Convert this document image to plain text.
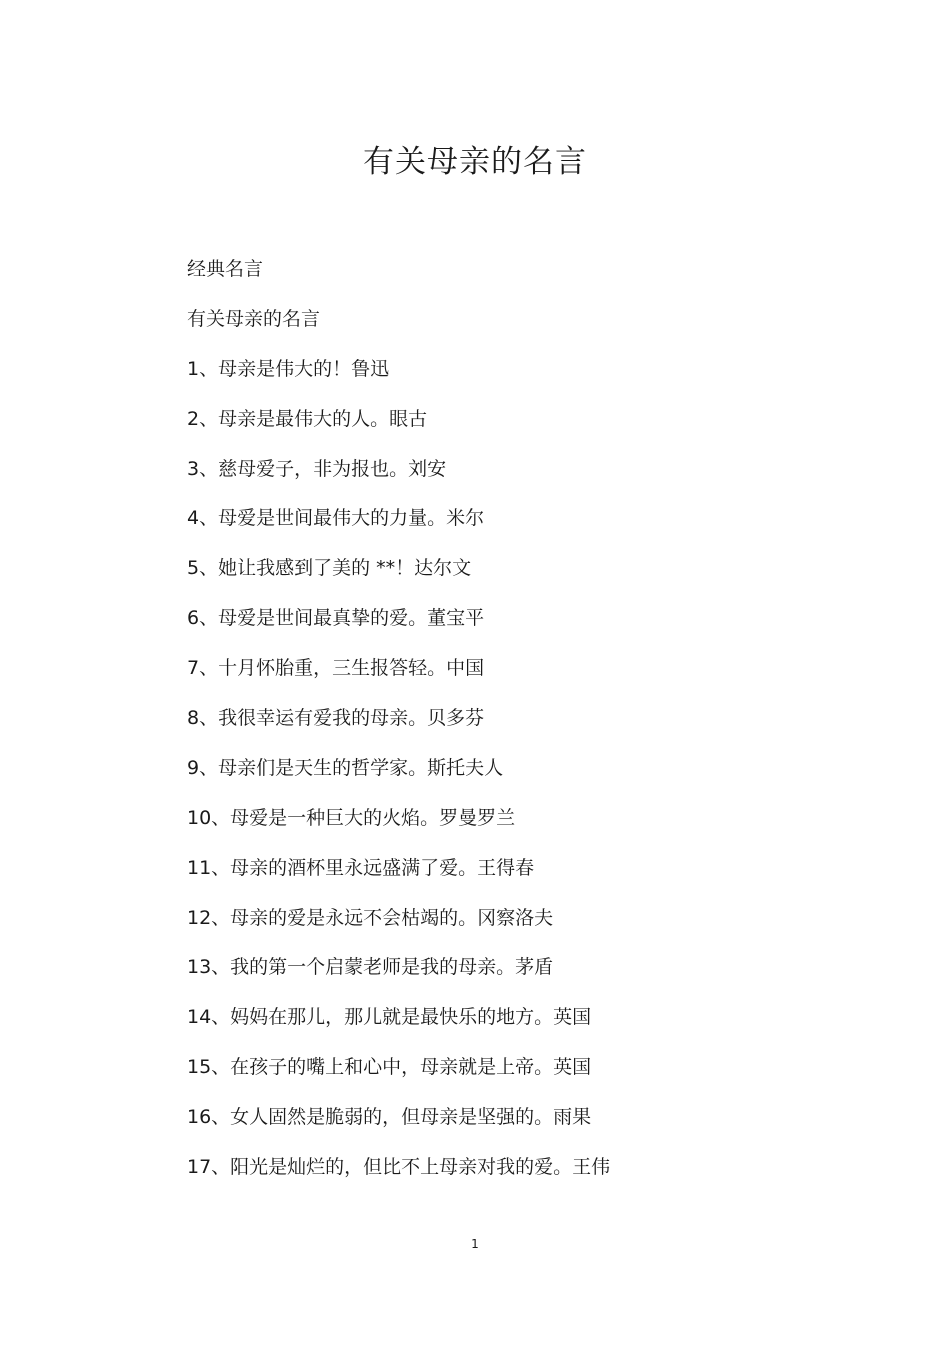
有关母亲的名言
经典名言
有关母亲的名言
1、母亲是伟大的！鲁迅
2、母亲是最伟大的人。眼古
3、慈母爱子，非为报也。刘安
4、母爱是世间最伟大的力量。米尔
5、她让我感到了美的 **！达尔文
6、母爱是世间最真挚的爱。董宝平
7、十月怀胎重，三生报答轻。中国
8、我很幸运有爱我的母亲。贝多芬
9、母亲们是天生的哲学家。斯托夫人
10、母爱是一种巨大的火焰。罗曼罗兰
11、母亲的酒杯里永远盛满了爱。王得春
12、母亲的爱是永远不会枯竭的。冈察洛夫
13、我的第一个启蒙老师是我的母亲。茅盾
14、妈妈在那儿，那儿就是最快乐的地方。英国
15、在孩子的嘴上和心中，母亲就是上帝。英国
16、女人固然是脆弱的，但母亲是坚强的。雨果
17、阳光是灿烂的，但比不上母亲对我的爱。王伟
1
